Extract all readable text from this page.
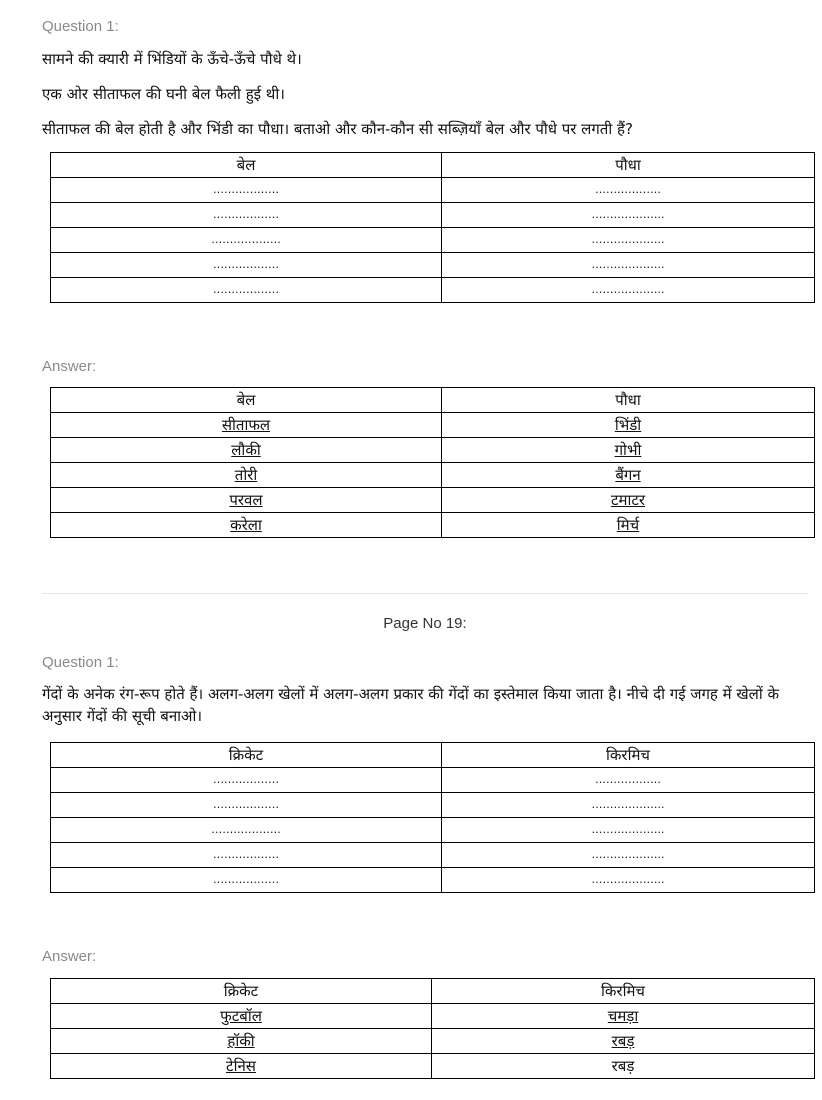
Question 1:

सामने की क्यारी में भिंडियों के ऊँचे-ऊँचे पौधे थे।

एक ओर सीताफल की घनी बेल फैली हुई थी।

सीताफल की बेल होती है और भिंडी का पौधा। बताओ और कौन-कौन सी सब्ज़ियाँ बेल और पौधे पर लगती हैं?

बेल	पौधा
………………	………………
………………	………………..
……………….	………………..
………………	………………..
………………	………………..

Answer:

बेल	पौधा
सीताफल	भिंडी
लौकी	गोभी
तोरी	बैंगन
परवल	टमाटर
करेला	मिर्च

Page No 19:

Question 1:

गेंदों के अनेक रंग-रूप होते हैं। अलग-अलग खेलों में अलग-अलग प्रकार की गेंदों का इस्तेमाल किया जाता है। नीचे दी गई जगह में खेलों के अनुसार गेंदों की सूची बनाओ।

क्रिकेट	किरमिच
………………	………………
………………	………………..
……………….	………………..
………………	………………..
………………	………………..

Answer:

क्रिकेट	किरमिच
फुटबॉल	चमड़ा
हॉकी	रबड़
टेनिस	रबड़
